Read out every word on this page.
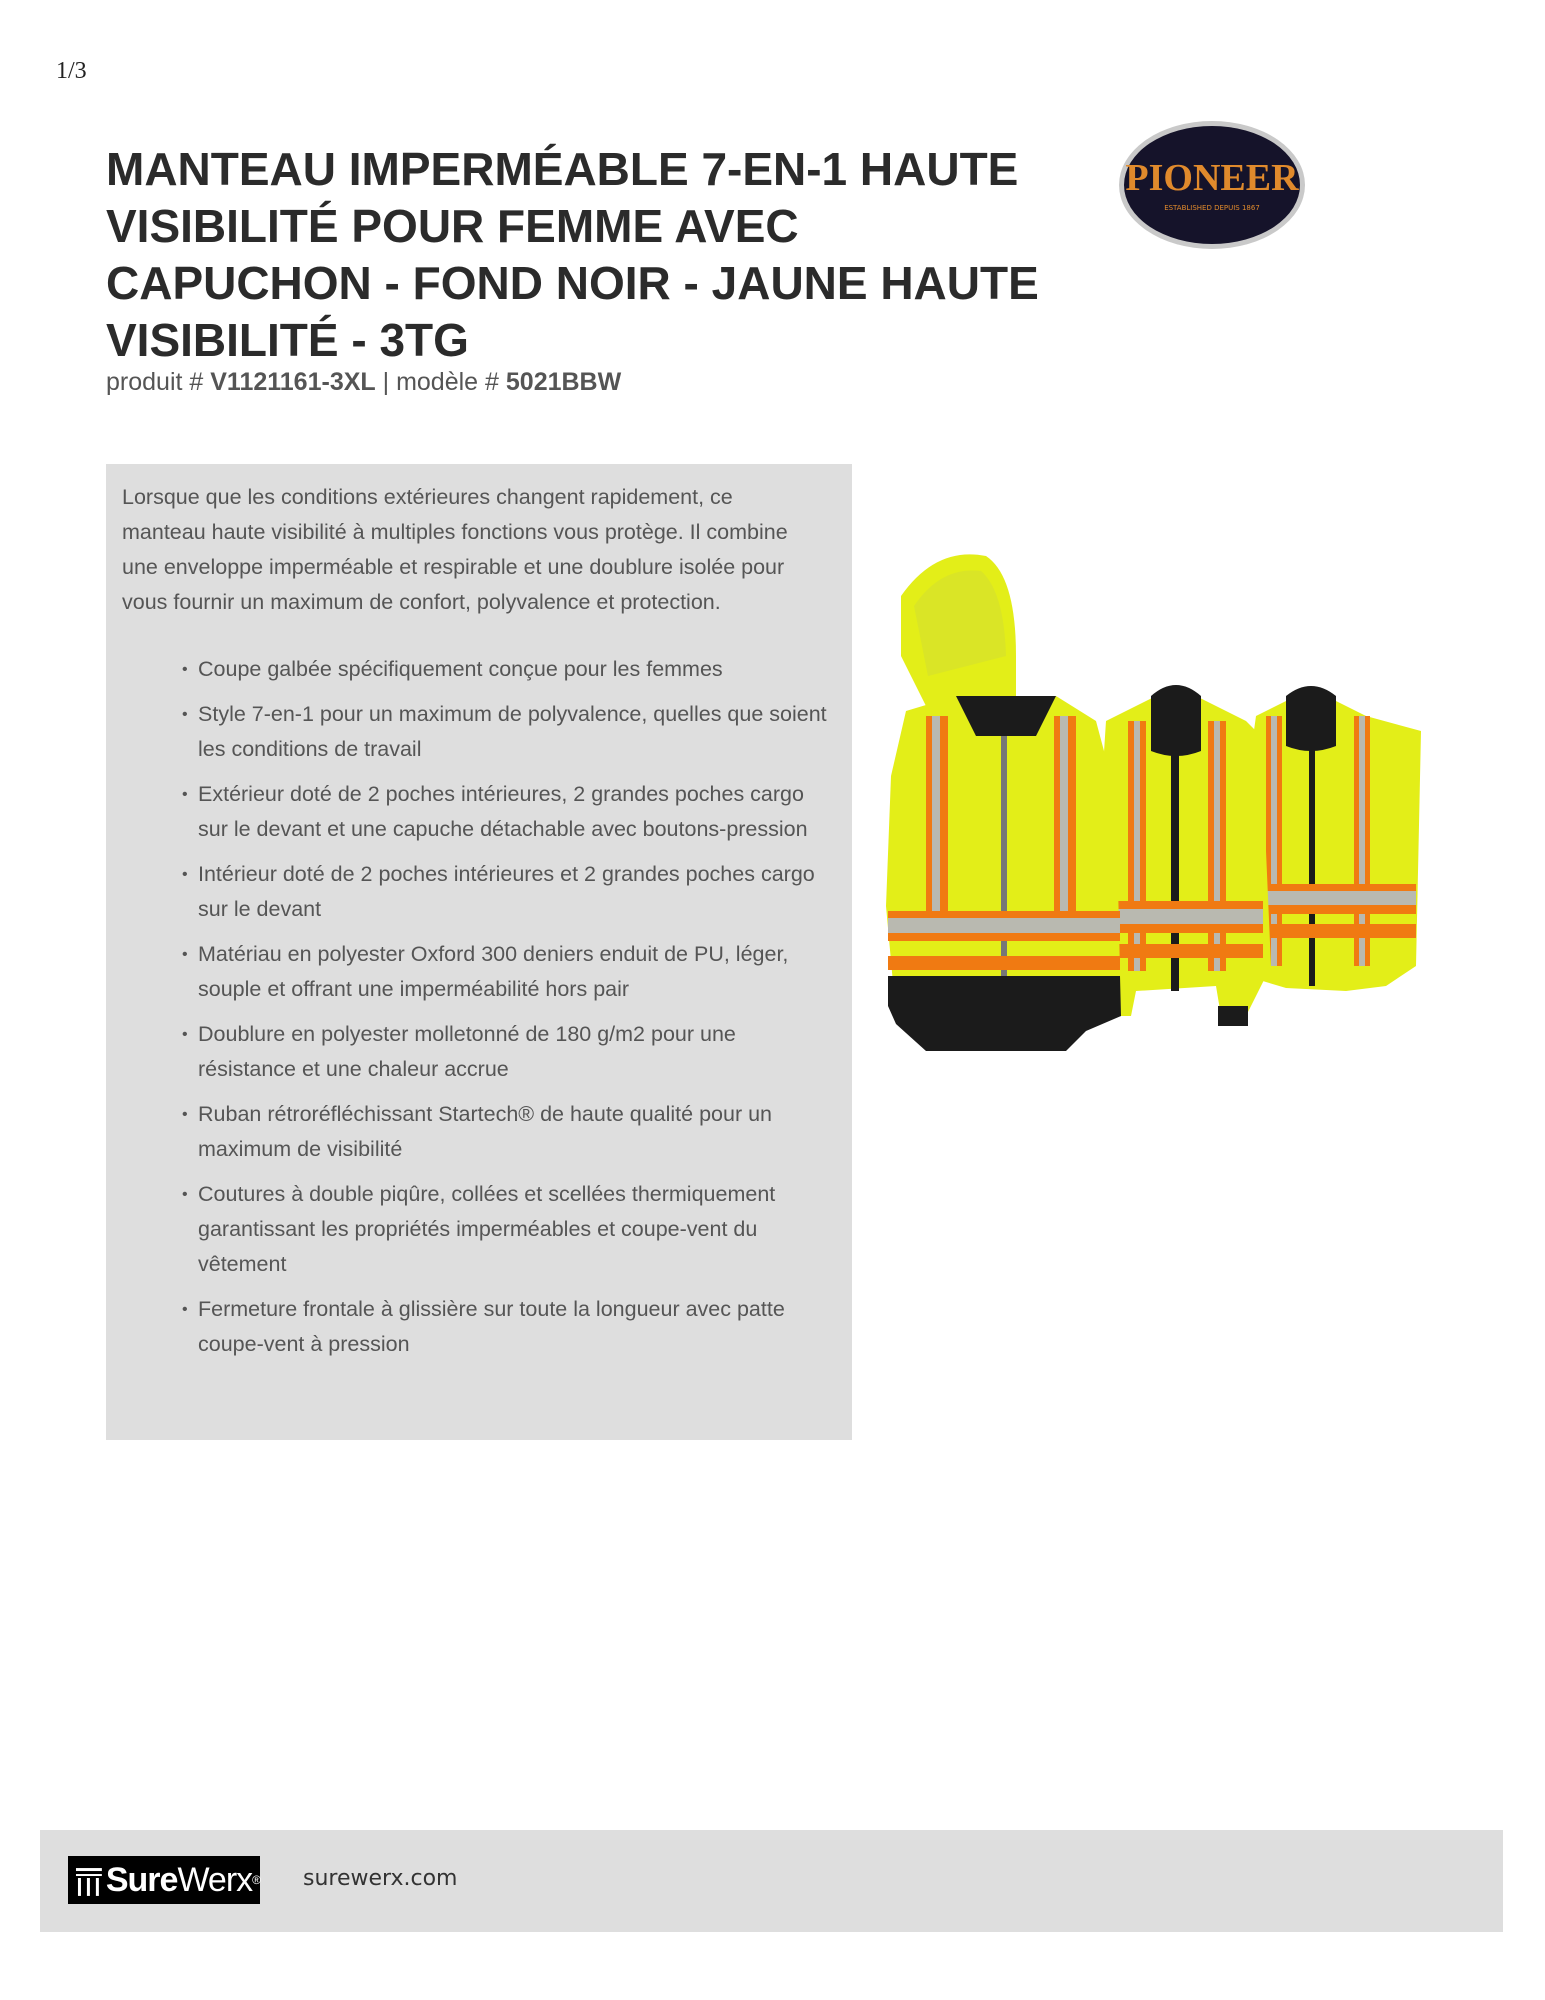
1/3
MANTEAU IMPERMÉABLE 7-EN-1 HAUTE VISIBILITÉ POUR FEMME AVEC CAPUCHON - FOND NOIR - JAUNE HAUTE VISIBILITÉ - 3TG
produit # V1121161-3XL | modèle # 5021BBW
PIONEER
ESTABLISHED DEPUIS 1867

Lorsque que les conditions extérieures changent rapidement, ce manteau haute visibilité à multiples fonctions vous protège. Il combine une enveloppe imperméable et respirable et une doublure isolée pour vous fournir un maximum de confort, polyvalence et protection.

• Coupe galbée spécifiquement conçue pour les femmes
• Style 7-en-1 pour un maximum de polyvalence, quelles que soient les conditions de travail
• Extérieur doté de 2 poches intérieures, 2 grandes poches cargo sur le devant et une capuche détachable avec boutons-pression
• Intérieur doté de 2 poches intérieures et 2 grandes poches cargo sur le devant
• Matériau en polyester Oxford 300 deniers enduit de PU, léger, souple et offrant une imperméabilité hors pair
• Doublure en polyester molletonné de 180 g/m2 pour une résistance et une chaleur accrue
• Ruban rétroréfléchissant Startech® de haute qualité pour un maximum de visibilité
• Coutures à double piqûre, collées et scellées thermiquement garantissant les propriétés imperméables et coupe-vent du vêtement
• Fermeture frontale à glissière sur toute la longueur avec patte coupe-vent à pression
SureWerx® surewerx.com
